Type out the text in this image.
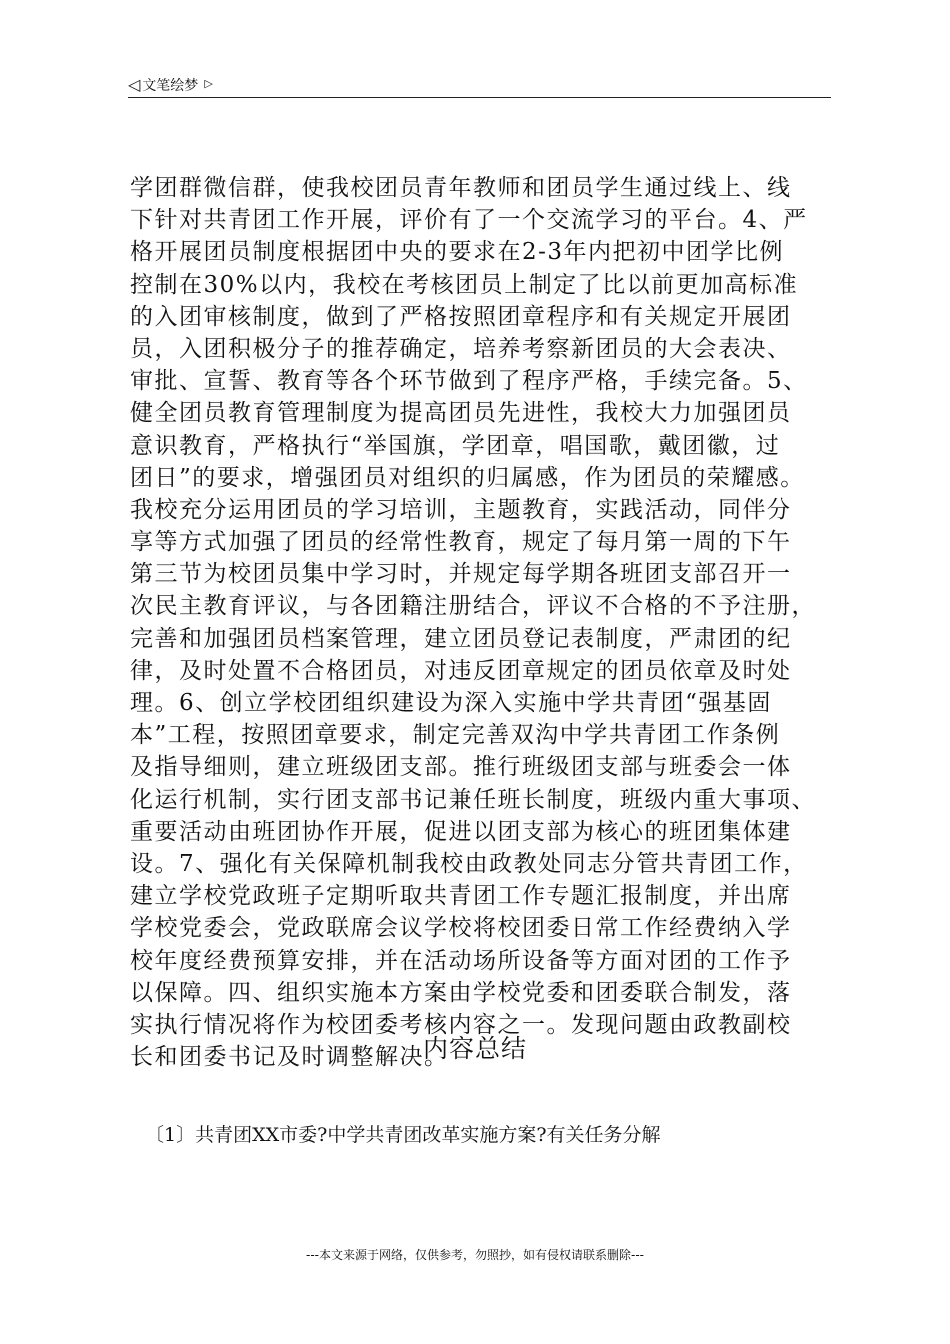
◁ 文笔绘梦 ▷
学团群微信群，使我校团员青年教师和团员学生通过线上、线
下针对共青团工作开展，评价有了一个交流学习的平台。4、严
格开展团员制度根据团中央的要求在2-3年内把初中团学比例
控制在30%以内，我校在考核团员上制定了比以前更加高标准
的入团审核制度，做到了严格按照团章程序和有关规定开展团
员，入团积极分子的推荐确定，培养考察新团员的大会表决、
审批、宣誓、教育等各个环节做到了程序严格，手续完备。5、
健全团员教育管理制度为提高团员先进性，我校大力加强团员
意识教育，严格执行“举国旗，学团章，唱国歌，戴团徽，过
团日”的要求，增强团员对组织的归属感，作为团员的荣耀感。
我校充分运用团员的学习培训，主题教育，实践活动，同伴分
享等方式加强了团员的经常性教育，规定了每月第一周的下午
第三节为校团员集中学习时，并规定每学期各班团支部召开一
次民主教育评议，与各团籍注册结合，评议不合格的不予注册，
完善和加强团员档案管理，建立团员登记表制度，严肃团的纪
律，及时处置不合格团员，对违反团章规定的团员依章及时处
理。6、创立学校团组织建设为深入实施中学共青团“强基固
本”工程，按照团章要求，制定完善双沟中学共青团工作条例
及指导细则，建立班级团支部。推行班级团支部与班委会一体
化运行机制，实行团支部书记兼任班长制度，班级内重大事项、
重要活动由班团协作开展，促进以团支部为核心的班团集体建
设。7、强化有关保障机制我校由政教处同志分管共青团工作，
建立学校党政班子定期听取共青团工作专题汇报制度，并出席
学校党委会，党政联席会议学校将校团委日常工作经费纳入学
校年度经费预算安排，并在活动场所设备等方面对团的工作予
以保障。四、组织实施本方案由学校党委和团委联合制发，落
实执行情况将作为校团委考核内容之一。发现问题由政教副校
长和团委书记及时调整解决。
内容总结
〔1〕共青团XX市委?中学共青团改革实施方案?有关任务分解
---本文来源于网络，仅供参考，勿照抄，如有侵权请联系删除---
